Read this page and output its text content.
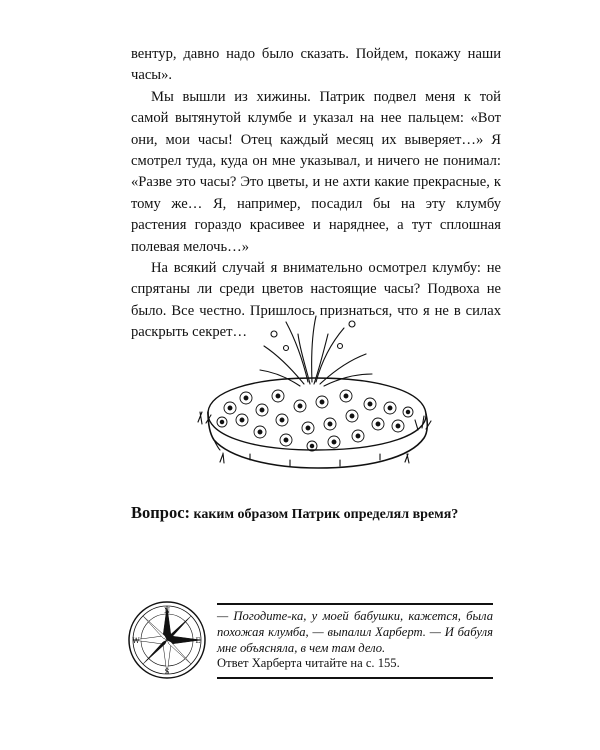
вентур, давно надо было сказать. Пойдем, покажу наши часы».

Мы вышли из хижины. Патрик подвел меня к той самой вытянутой клумбе и указал на нее пальцем: «Вот они, мои часы! Отец каждый месяц их выверяет…» Я смотрел туда, куда он мне указывал, и ничего не понимал: «Разве это часы? Это цветы, и не ахти какие прекрасные, к тому же… Я, например, посадил бы на эту клумбу растения гораздо красивее и наряднее, а тут сплошная полевая мелочь…»

На всякий случай я внимательно осмотрел клумбу: не спрятаны ли среди цветов настоящие часы? Подвоха не было. Все честно. Пришлось признаться, что я не в силах раскрыть секрет…

Вопрос: каким образом Патрик определял время?
N
S
E
W

— Погодите-ка, у моей бабушки, кажется, была похожая клумба, — выпалил Харберт. — И бабуля мне объясняла, в чем там дело.

Ответ Харберта читайте на с. 155.
